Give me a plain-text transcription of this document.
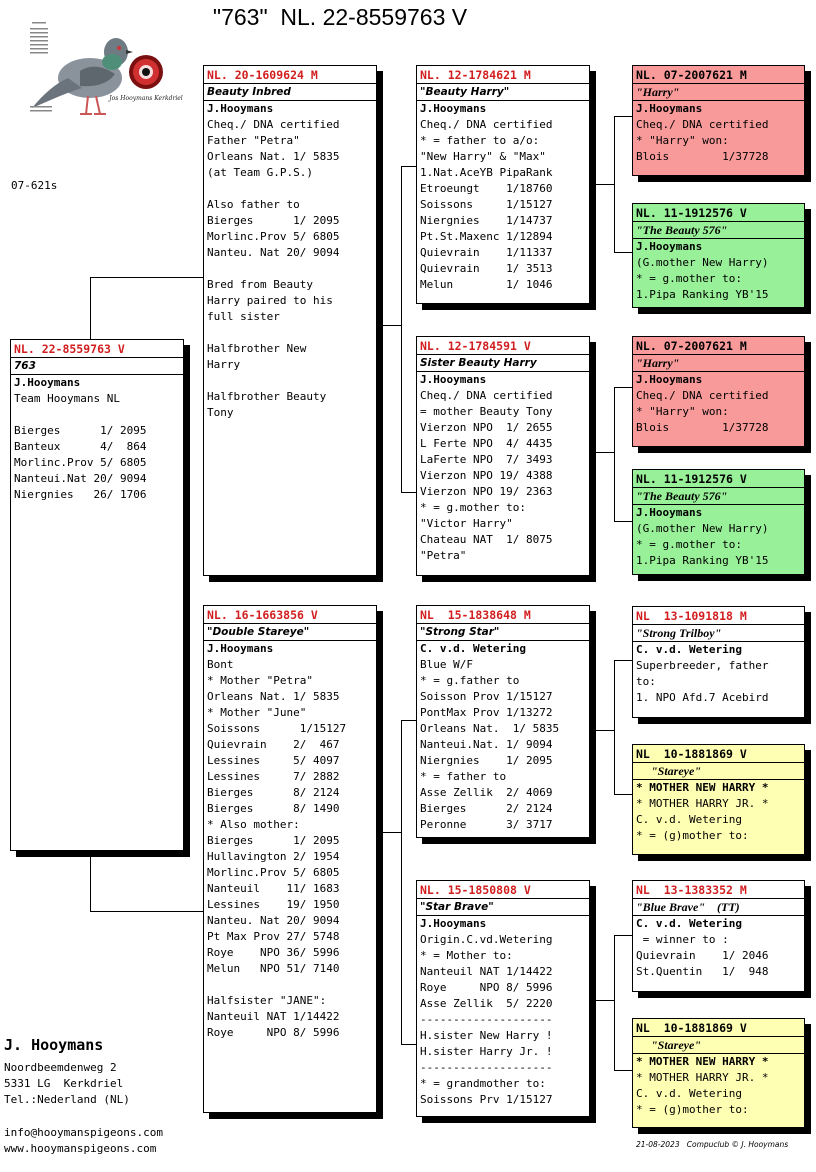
"763"  NL. 22-8559763 V
07-621s
Jos Hooymans Kerkdriel
NL. 22-8559763 V
763
J.Hooymans
Team Hooymans NL
Bierges      1/ 2095
Banteux      4/  864
Morlinc.Prov 5/ 6805
Nanteui.Nat 20/ 9094
Niergnies   26/ 1706
NL. 20-1609624 M
Beauty Inbred
J.Hooymans
Cheq./ DNA certified
Father "Petra"
Orleans Nat. 1/ 5835
(at Team G.P.S.)
Also father to
Bierges      1/ 2095
Morlinc.Prov 5/ 6805
Nanteu. Nat 20/ 9094
Bred from Beauty
Harry paired to his
full sister
Halfbrother New
Harry
Halfbrother Beauty
Tony
NL. 16-1663856 V
"Double Stareye"
J.Hooymans
Bont
* Mother "Petra"
Orleans Nat. 1/ 5835
* Mother "June"
Soissons      1/15127
Quievrain    2/  467
Lessines     5/ 4097
Lessines     7/ 2882
Bierges      8/ 2124
Bierges      8/ 1490
* Also mother:
Bierges      1/ 2095
Hullavington 2/ 1954
Morlinc.Prov 5/ 6805
Nanteuil    11/ 1683
Lessines    19/ 1950
Nanteu. Nat 20/ 9094
Pt Max Prov 27/ 5748
Roye    NPO 36/ 5996
Melun   NPO 51/ 7140
Halfsister "JANE":
Nanteuil NAT 1/14422
Roye     NPO 8/ 5996
NL. 12-1784621 M
"Beauty Harry"
J.Hooymans
Cheq./ DNA certified
* = father to a/o:
"New Harry" & "Max"
1.Nat.AceYB PipaRank
Etroeungt    1/18760
Soissons     1/15127
Niergnies    1/14737
Pt.St.Maxenc 1/12894
Quievrain    1/11337
Quievrain    1/ 3513
Melun        1/ 1046
NL. 12-1784591 V
Sister Beauty Harry
J.Hooymans
Cheq./ DNA certified
= mother Beauty Tony
Vierzon NPO  1/ 2655
L Ferte NPO  4/ 4435
LaFerte NPO  7/ 3493
Vierzon NPO 19/ 4388
Vierzon NPO 19/ 2363
* = g.mother to:
"Victor Harry"
Chateau NAT  1/ 8075
"Petra"
NL  15-1838648 M
"Strong Star"
C. v.d. Wetering
Blue W/F
* = g.father to
Soisson Prov 1/15127
PontMax Prov 1/13272
Orleans Nat.  1/ 5835
Nanteui.Nat. 1/ 9094
Niergnies    1/ 2095
* = father to
Asse Zellik  2/ 4069
Bierges      2/ 2124
Peronne      3/ 3717
NL. 15-1850808 V
"Star Brave"
J.Hooymans
Origin.C.vd.Wetering
* = Mother to:
Nanteuil NAT 1/14422
Roye     NPO 8/ 5996
Asse Zellik  5/ 2220
--------------------
H.sister New Harry !
H.sister Harry Jr. !
--------------------
* = grandmother to:
Soissons Prv 1/15127
NL. 07-2007621 M
"Harry"
J.Hooymans
Cheq./ DNA certified
* "Harry" won:
Blois        1/37728
NL. 11-1912576 V
"The Beauty 576"
J.Hooymans
(G.mother New Harry)
* = g.mother to:
1.Pipa Ranking YB'15
NL. 07-2007621 M
"Harry"
J.Hooymans
Cheq./ DNA certified
* "Harry" won:
Blois        1/37728
NL. 11-1912576 V
"The Beauty 576"
J.Hooymans
(G.mother New Harry)
* = g.mother to:
1.Pipa Ranking YB'15
NL  13-1091818 M
"Strong Trilboy"
C. v.d. Wetering
Superbreeder, father
to:
1. NPO Afd.7 Acebird
NL  10-1881869 V
"Stareye"
* MOTHER NEW HARRY *
* MOTHER HARRY JR. *
C. v.d. Wetering
* = (g)mother to:
NL  13-1383352 M
"Blue Brave"    (TT)
C. v.d. Wetering
= winner to :
Quievrain    1/ 2046
St.Quentin   1/  948
NL  10-1881869 V
"Stareye"
* MOTHER NEW HARRY *
* MOTHER HARRY JR. *
C. v.d. Wetering
* = (g)mother to:
J. Hooymans
Noordbeemdenweg 2
5331 LG  Kerkdriel
Tel.:Nederland (NL)
info@hooymanspigeons.com
www.hooymanspigeons.com	21-08-2023   Compuclub © J. Hooymans
